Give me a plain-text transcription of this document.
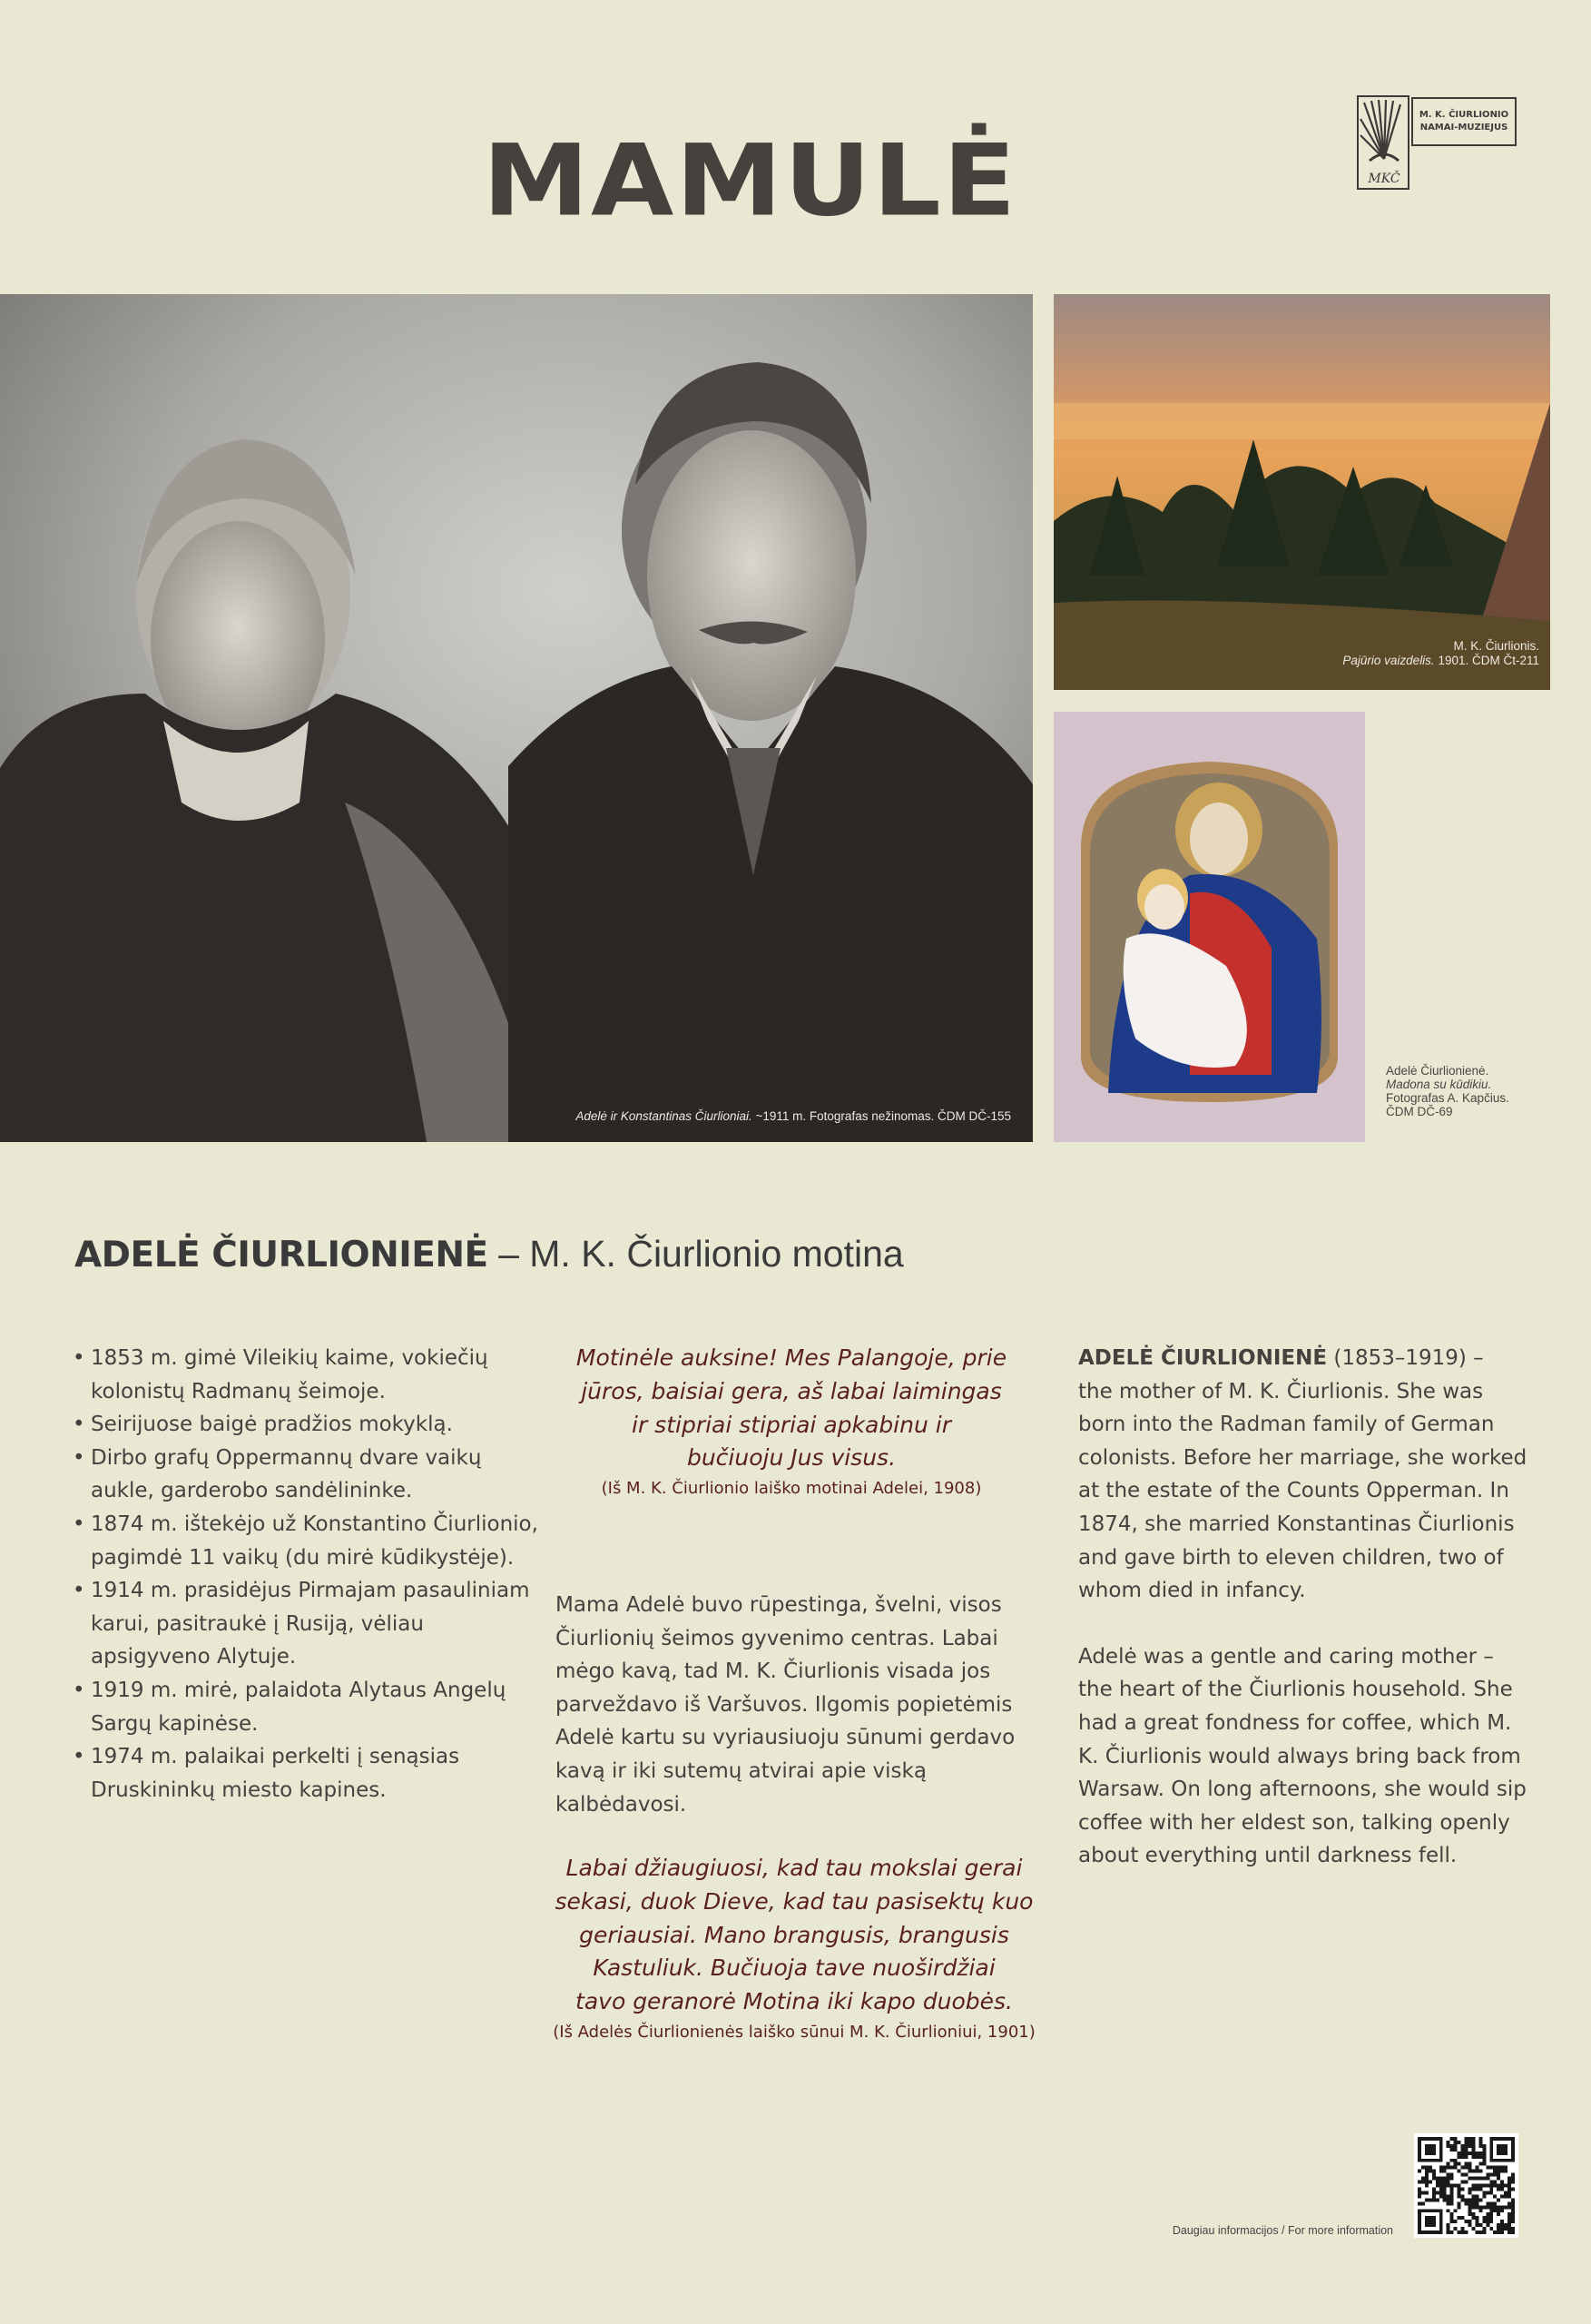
MAMULĖ	MKČ
M. K. ČIURLIONIO
NAMAI-MUZIEJUS
Adelė ir Konstantinas Čiurlioniai. ~1911 m. Fotografas nežinomas. ČDM DČ-155
M. K. Čiurlionis.
Pajūrio vaizdelis. 1901. ČDM Čt-211
Adelė Čiurlionienė.
Madona su kūdikiu.
Fotografas A. Kapčius.
ČDM DČ-69
ADELĖ ČIURLIONIENĖ – M. K. Čiurlionio motina
• 1853 m. gimė Vileikių kaime, vokiečių kolonistų Radmanų šeimoje.
• Seirijuose baigė pradžios mokyklą.
• Dirbo grafų Oppermannų dvare vaikų aukle, garderobo sandėlininke.
• 1874 m. ištekėjo už Konstantino Čiurlionio, pagimdė 11 vaikų (du mirė kūdikystėje).
• 1914 m. prasidėjus Pirmajam pasauliniam karui, pasitraukė į Rusiją, vėliau apsigyveno Alytuje.
• 1919 m. mirė, palaidota Alytaus Angelų Sargų kapinėse.
• 1974 m. palaikai perkelti į senąsias Druskininkų miesto kapines.
Motinėle auksine! Mes Palangoje, prie
jūros, baisiai gera, aš labai laimingas
ir stipriai stipriai apkabinu ir
bučiuoju Jus visus.
(Iš M. K. Čiurlionio laiško motinai Adelei, 1908)
Mama Adelė buvo rūpestinga, švelni, visos Čiurlionių šeimos gyvenimo centras. Labai mėgo kavą, tad M. K. Čiurlionis visada jos parveždavo iš Varšuvos. Ilgomis popietėmis Adelė kartu su vyriausiuoju sūnumi gerdavo kavą ir iki sutemų atvirai apie viską kalbėdavosi.
Labai džiaugiuosi, kad tau mokslai gerai
sekasi, duok Dieve, kad tau pasisektų kuo
geriausiai. Mano brangusis, brangusis
Kastuliuk. Bučiuoja tave nuoširdžiai
tavo geranorė Motina iki kapo duobės.
(Iš Adelės Čiurlionienės laiško sūnui M. K. Čiurlioniui, 1901)

ADELĖ ČIURLIONIENĖ (1853–1919) –
the mother of M. K. Čiurlionis. She was born into the Radman family of German colonists. Before her marriage, she worked at the estate of the Counts Opperman. In 1874, she married Konstantinas Čiurlionis and gave birth to eleven children, two of whom died in infancy.

Adelė was a gentle and caring mother – the heart of the Čiurlionis household. She had a great fondness for coffee, which M. K. Čiurlionis would always bring back from Warsaw. On long afternoons, she would sip coffee with her eldest son, talking openly about everything until darkness fell.

Daugiau informacijos / For more information
